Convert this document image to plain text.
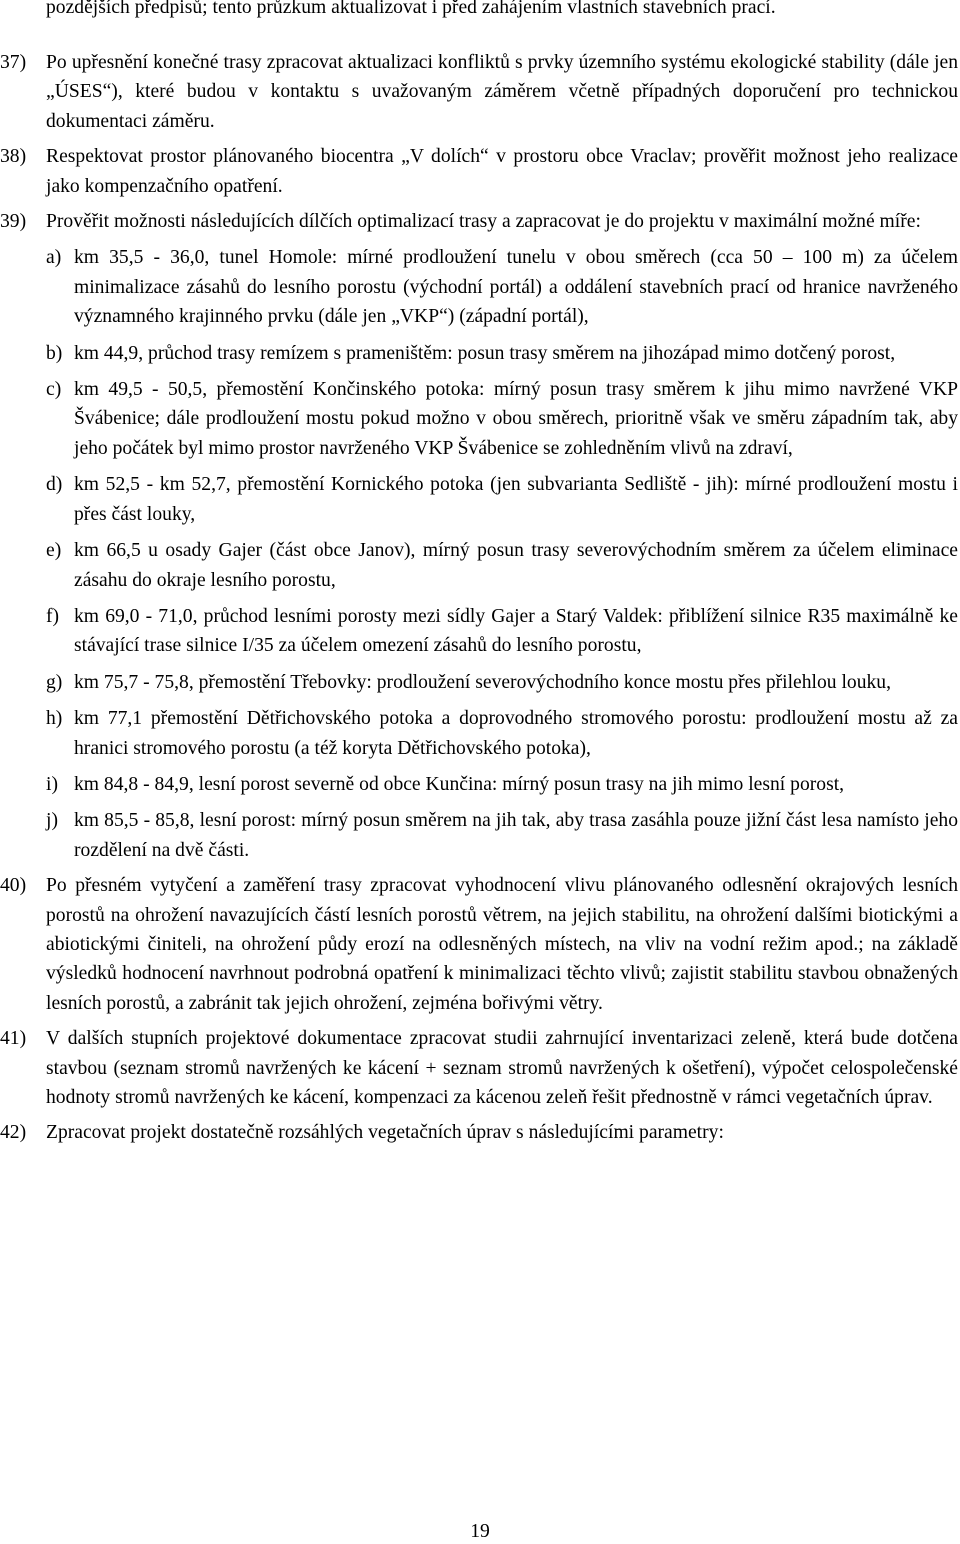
pozdějších předpisů; tento průzkum aktualizovat i před zahájením vlastních stavebních prací.

37) Po upřesnění konečné trasy zpracovat aktualizaci konfliktů s prvky územního systému ekologické stability (dále jen „ÚSES“), které budou v kontaktu s uvažovaným záměrem včetně případných doporučení pro technickou dokumentaci záměru.
38) Respektovat prostor plánovaného biocentra „V dolích“ v prostoru obce Vraclav; prověřit možnost jeho realizace jako kompenzačního opatření.
39) Prověřit možnosti následujících dílčích optimalizací trasy a zapracovat je do projektu v maximální možné míře:
a) km 35,5 - 36,0, tunel Homole: mírné prodloužení tunelu v obou směrech (cca 50 – 100 m) za účelem minimalizace zásahů do lesního porostu (východní portál) a oddálení stavebních prací od hranice navrženého významného krajinného prvku (dále jen „VKP“) (západní portál),
b) km 44,9, průchod trasy remízem s prameništěm: posun trasy směrem na jihozápad mimo dotčený porost,
c) km 49,5 - 50,5, přemostění Končinského potoka: mírný posun trasy směrem k jihu mimo navržené VKP Švábenice; dále prodloužení mostu pokud možno v obou směrech, prioritně však ve směru západním tak, aby jeho počátek byl mimo prostor navrženého VKP Švábenice se zohledněním vlivů na zdraví,
d) km 52,5 - km 52,7, přemostění Kornického potoka (jen subvarianta Sedliště - jih): mírné prodloužení mostu i přes část louky,
e) km 66,5 u osady Gajer (část obce Janov), mírný posun trasy severovýchodním směrem za účelem eliminace zásahu do okraje lesního porostu,
f) km 69,0 - 71,0, průchod lesními porosty mezi sídly Gajer a Starý Valdek: přiblížení silnice R35 maximálně ke stávající trase silnice I/35 za účelem omezení zásahů do lesního porostu,
g) km 75,7 - 75,8, přemostění Třebovky: prodloužení severovýchodního konce mostu přes přilehlou louku,
h) km 77,1 přemostění Dětřichovského potoka a doprovodného stromového porostu: prodloužení mostu až za hranici stromového porostu (a též koryta Dětřichovského potoka),
i) km 84,8 - 84,9, lesní porost severně od obce Kunčina: mírný posun trasy na jih mimo lesní porost,
j) km 85,5 - 85,8, lesní porost: mírný posun směrem na jih tak, aby trasa zasáhla pouze jižní část lesa namísto jeho rozdělení na dvě části.
40) Po přesném vytyčení a zaměření trasy zpracovat vyhodnocení vlivu plánovaného odlesnění okrajových lesních porostů na ohrožení navazujících částí lesních porostů větrem, na jejich stabilitu, na ohrožení dalšími biotickými a abiotickými činiteli, na ohrožení půdy erozí na odlesněných místech, na vliv na vodní režim apod.; na základě výsledků hodnocení navrhnout podrobná opatření k minimalizaci těchto vlivů; zajistit stabilitu stavbou obnažených lesních porostů, a zabránit tak jejich ohrožení, zejména bořivými větry.
41) V dalších stupních projektové dokumentace zpracovat studii zahrnující inventarizaci zeleně, která bude dotčena stavbou (seznam stromů navržených ke kácení + seznam stromů navržených k ošetření), výpočet celospolečenské hodnoty stromů navržených ke kácení, kompenzaci za kácenou zeleň řešit přednostně v rámci vegetačních úprav.
42) Zpracovat projekt dostatečně rozsáhlých vegetačních úprav s následujícími parametry:
19
